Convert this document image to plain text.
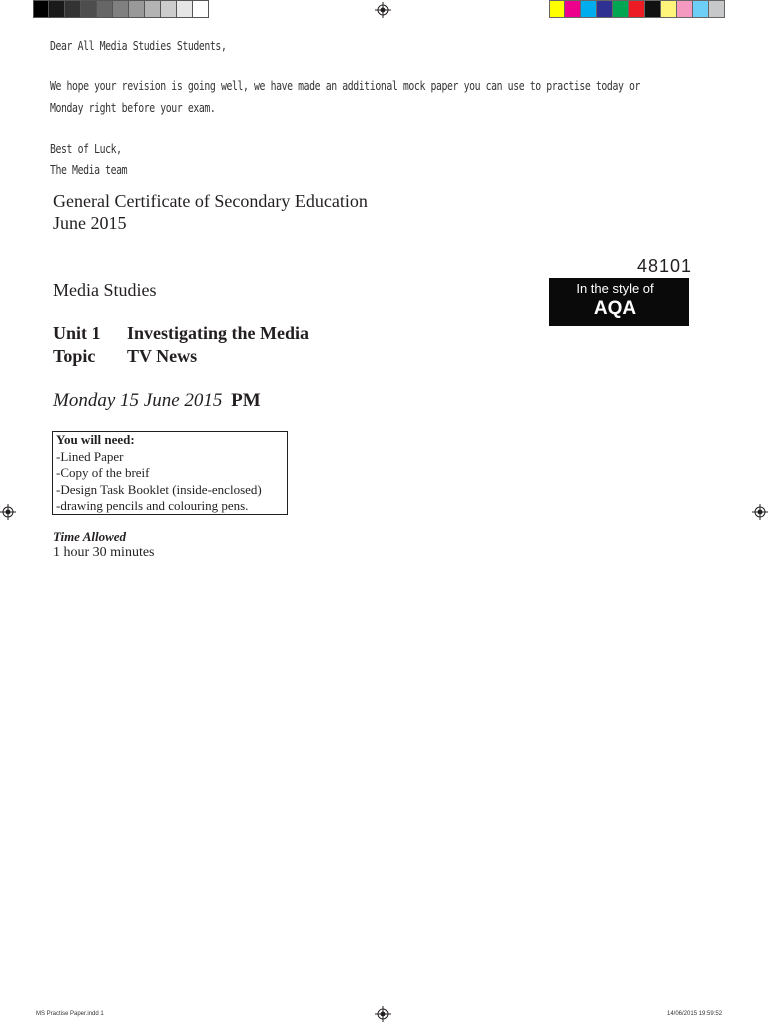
Dear All Media Studies Students,
We hope your revision is going well, we have made an additional mock paper you can use to practise today or
Monday right before your exam.
Best of Luck,
The Media team
General Certificate of Secondary Education
June 2015
48101
Media Studies	In the style of
AQA
Unit 1 Investigating the Media
Topic TV News
Monday 15 June 2015 PM
You will need:
-Lined Paper
-Copy of the breif
-Design Task Booklet (inside-enclosed)
-drawing pencils and colouring pens.
Time Allowed
1 hour 30 minutes
MS Practise Paper.indd 1	14/06/2015 19:59:52
